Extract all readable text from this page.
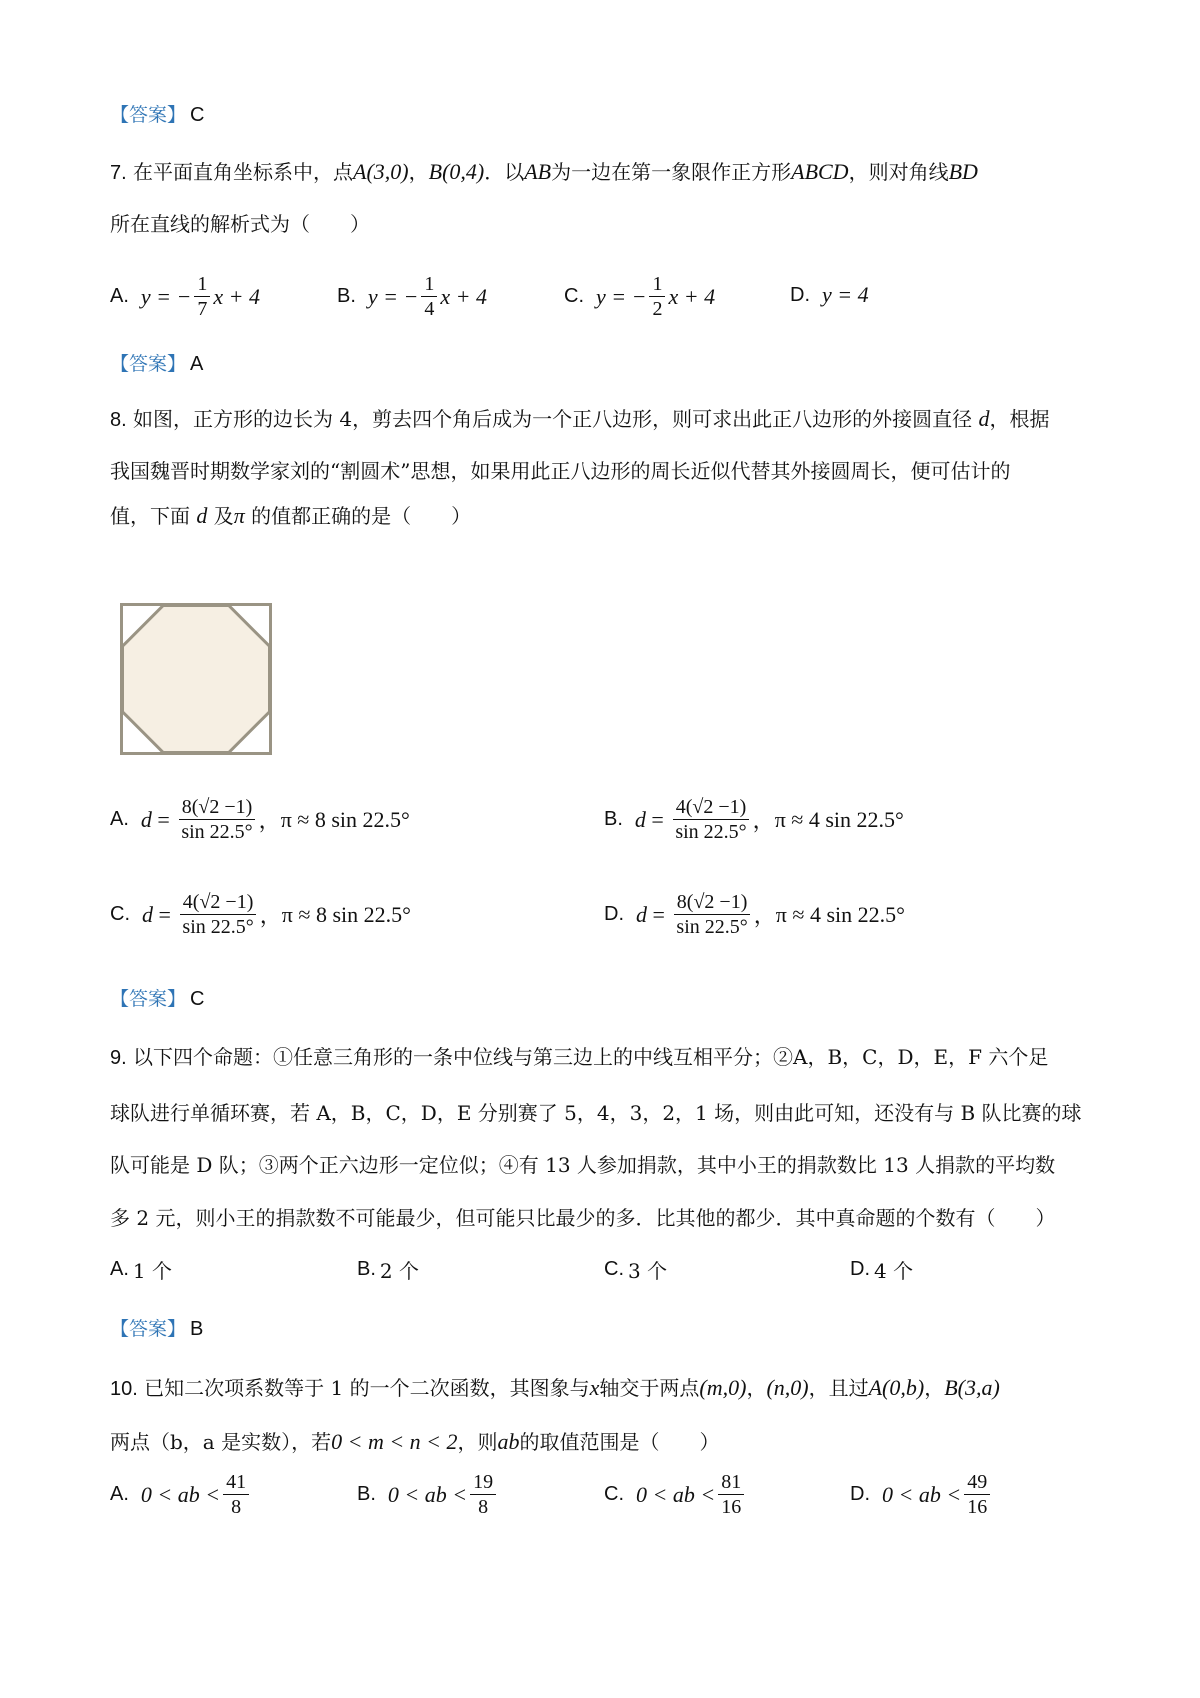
【答案】 C
7. 在平面直角坐标系中，点A(3,0)，B(0,4)．以AB为一边在第一象限作正方形ABCD，则对角线BD
所在直线的解析式为（　　）
A. y = − $\frac{1}{7}$ x + 4	B. y = − $\frac{1}{4}$ x + 4	C. y = − $\frac{1}{2}$ x + 4	D. y = 4
【答案】 A
8. 如图，正方形的边长为 4，剪去四个角后成为一个正八边形，则可求出此正八边形的外接圆直径 d，根据
我国魏晋时期数学家刘的“割圆术”思想，如果用此正八边形的周长近似代替其外接圆周长，便可估计的
值，下面 d 及π 的值都正确的是（　　）
A. $d = \frac{8(√2 -1)}{\sin 22.5^\circ}$ ， π ≈ 8 sin 22.5°	B. $d = \frac{4(√2 -1)}{\sin 22.5^\circ}$ ， π ≈ 4 sin 22.5°
C. $d = \frac{4(√2 -1)}{\sin 22.5^\circ}$ ， π ≈ 8 sin 22.5°	D. $d = \frac{8(√2 -1)}{\sin 22.5^\circ}$ ， π ≈ 4 sin 22.5°
【答案】 C
9. 以下四个命题：①任意三角形的一条中位线与第三边上的中线互相平分；②A，B，C，D，E，F 六个足
球队进行单循环赛，若 A，B，C，D，E 分别赛了 5，4，3，2，1 场，则由此可知，还没有与 B 队比赛的球
队可能是 D 队；③两个正六边形一定位似；④有 13 人参加捐款，其中小王的捐款数比 13 人捐款的平均数
多 2 元，则小王的捐款数不可能最少，但可能只比最少的多．比其他的都少．其中真命题的个数有（　　）
A. 1 个	B. 2 个	C. 3 个	D. 4 个
【答案】 B
10. 已知二次项系数等于 1 的一个二次函数，其图象与x轴交于两点(m,0)，(n,0)，且过A(0,b)，B(3,a)
两点（b，a 是实数），若0 < m < n < 2，则ab的取值范围是（　　）
A. 0 < ab < $\frac{41}{8}$	B. 0 < ab < $\frac{19}{8}$	C. 0 < ab < $\frac{81}{16}$	D. 0 < ab < $\frac{49}{16}$
